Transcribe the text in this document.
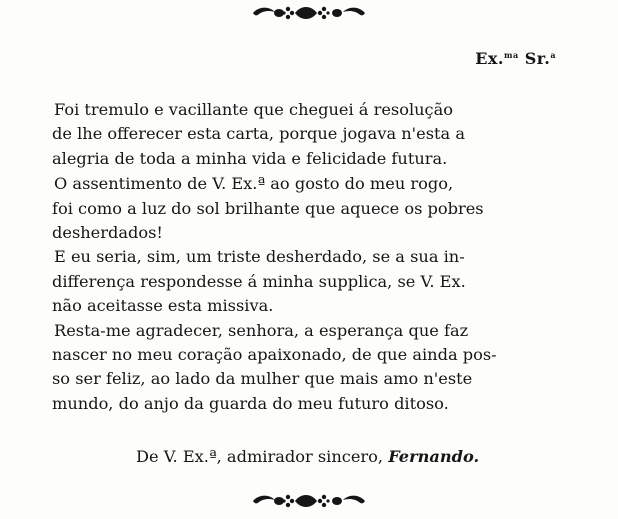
Ex.$^{ma}$ Sr.$^a$

Foi tremulo e vacillante que cheguei á resolução
de lhe offerecer esta carta, porque jogava n'esta a
alegria de toda a minha vida e felicidade futura.

O assentimento de V. Ex.ª ao gosto do meu rogo,
foi como a luz do sol brilhante que aquece os pobres
desherdados!

E eu seria, sim, um triste desherdado, se a sua in-
differença respondesse á minha supplica, se V. Ex.
não aceitasse esta missiva.

Resta-me agradecer, senhora, a esperança que faz
nascer no meu coração apaixonado, de que ainda pos-
so ser feliz, ao lado da mulher que mais amo n'este
mundo, do anjo da guarda do meu futuro ditoso.

De V. Ex.ª, admirador sincero, Fernando.
